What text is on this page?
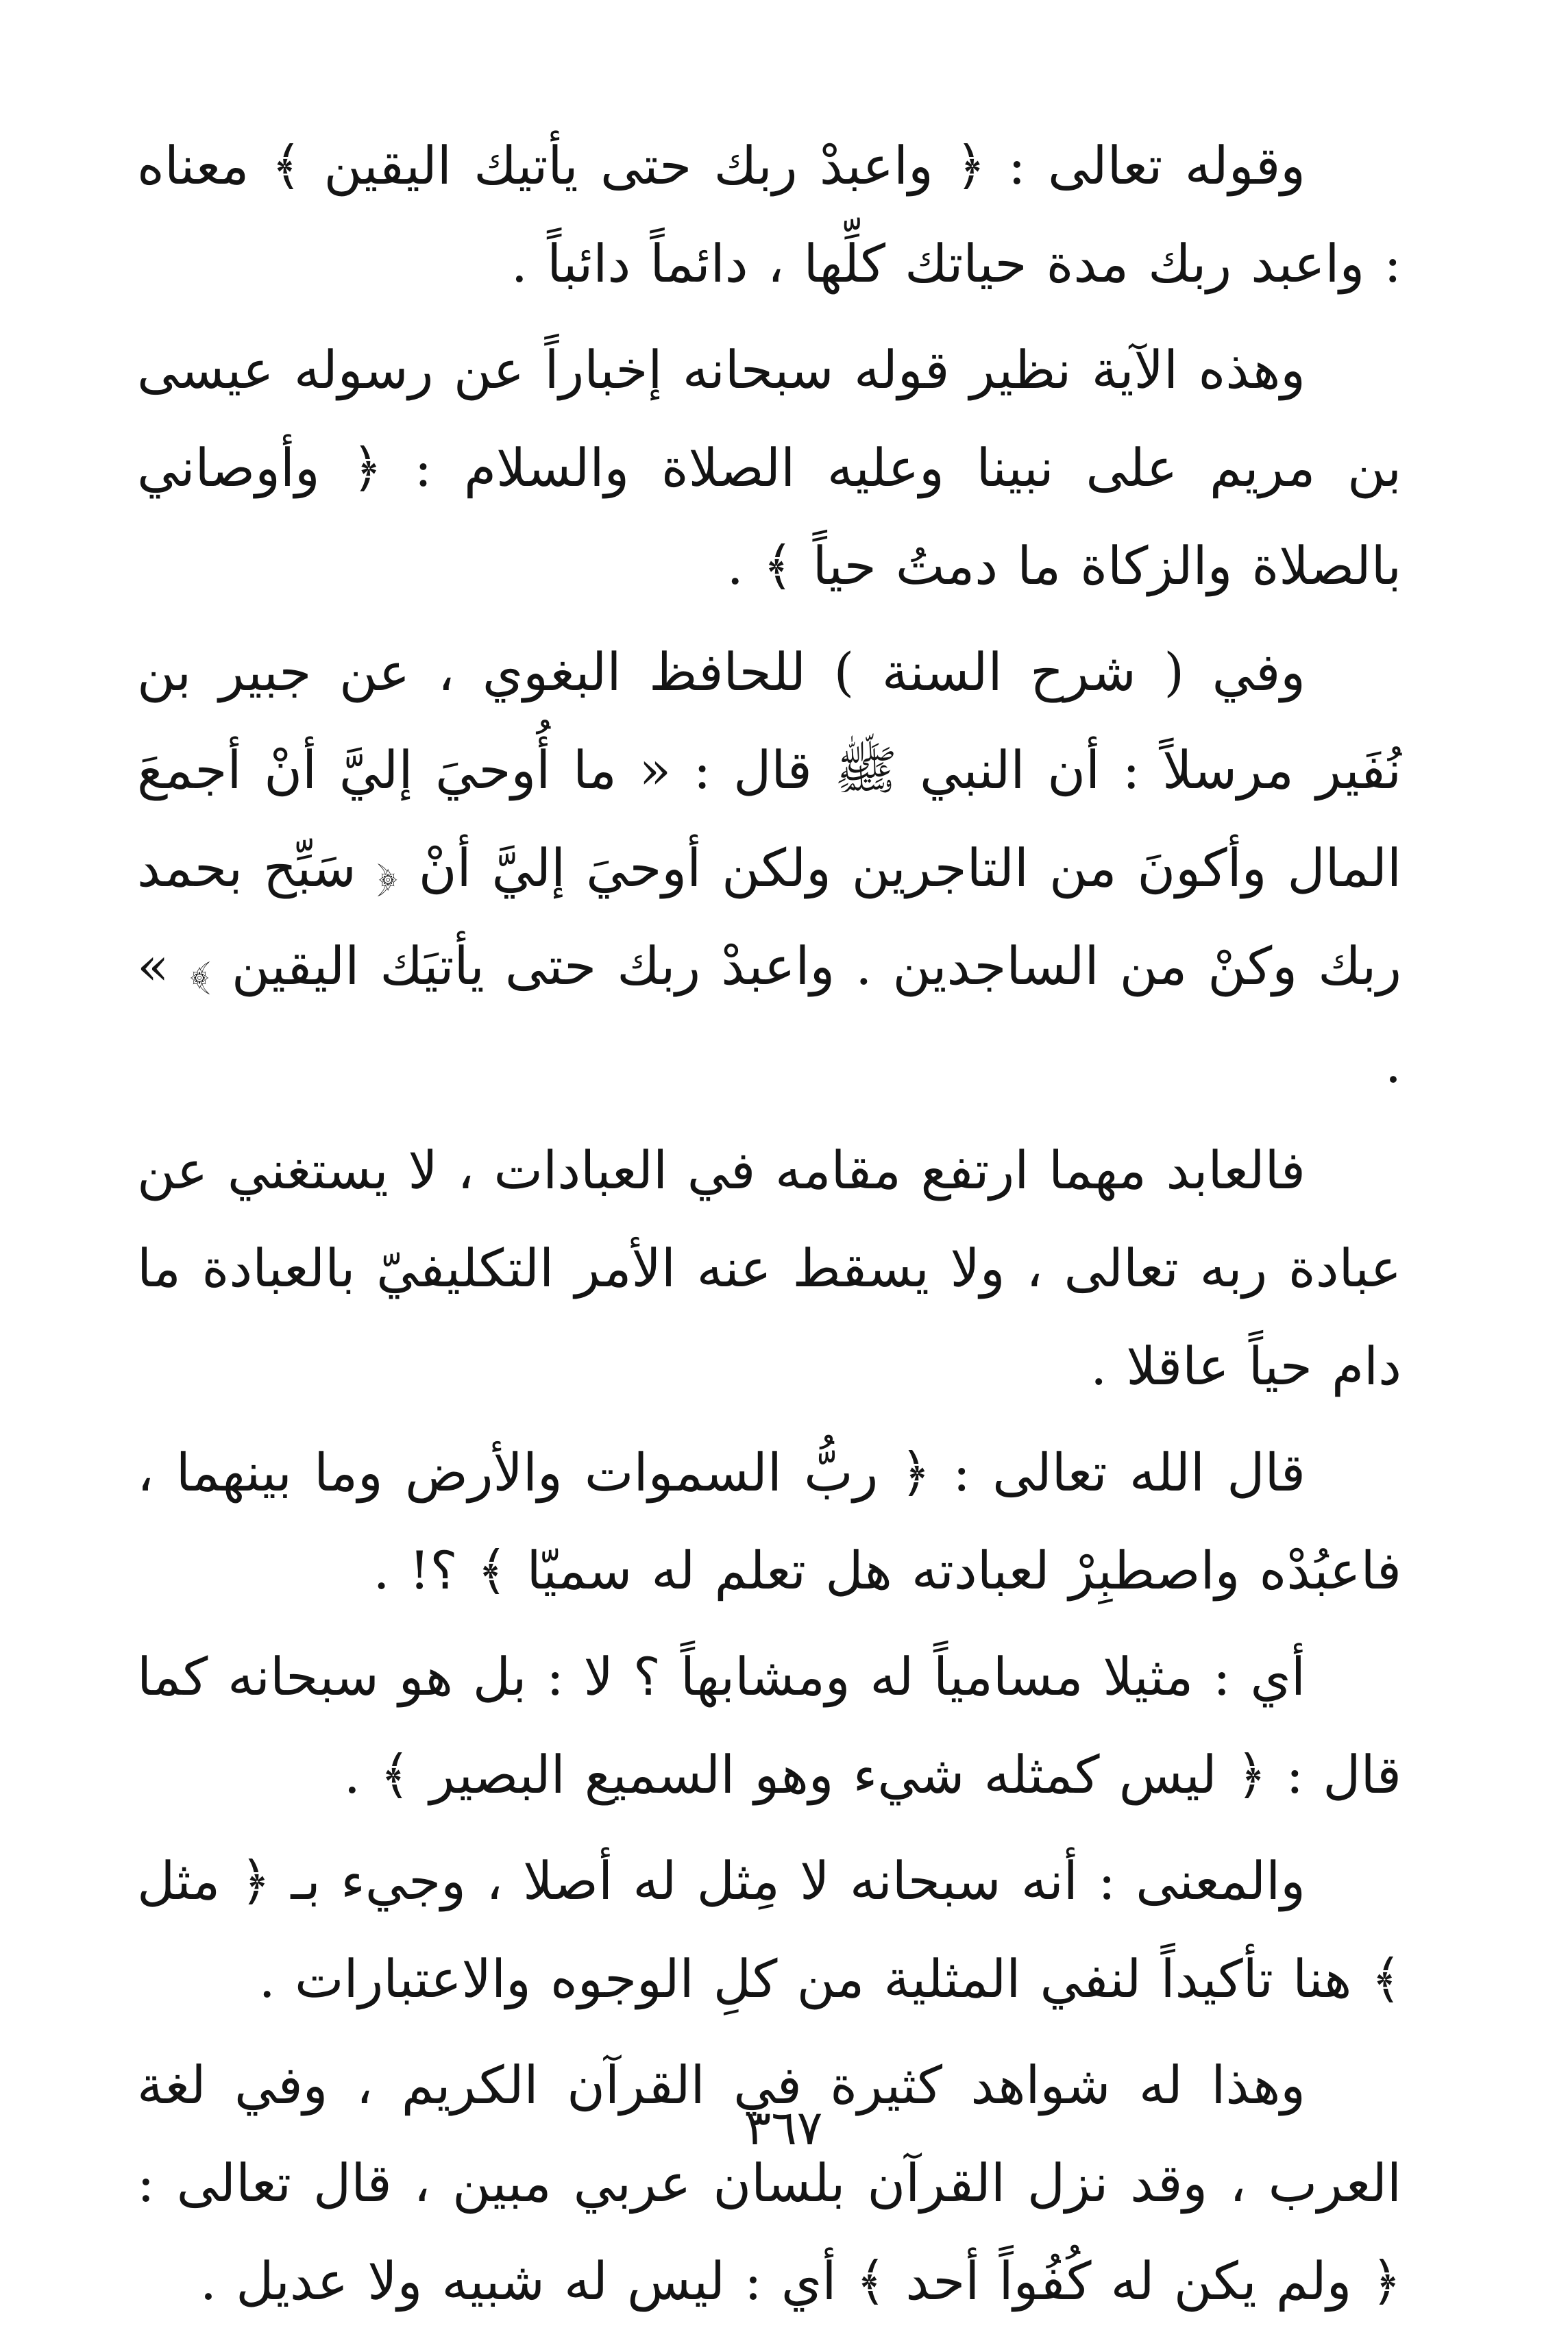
وقوله تعالى : ﴿ واعبدْ ربك حتى يأتيك اليقين ﴾ معناه : واعبد ربك مدة حياتك كلِّها ، دائماً دائباً .

وهذه الآية نظير قوله سبحانه إخباراً عن رسوله عيسى بن مريم على نبينا وعليه الصلاة والسلام : ﴿ وأوصاني بالصلاة والزكاة ما دمتُ حياً ﴾ .

وفي ( شرح السنة ) للحافظ البغوي ، عن جبير بن نُفَير مرسلاً : أن النبي ﷺ قال : « ما أُوحيَ إليَّ أنْ أجمعَ المال وأكونَ من التاجرين ولكن أوحيَ إليَّ أنْ ﴿ سَبِّح بحمد ربك وكنْ من الساجدين . واعبدْ ربك حتى يأتيَك اليقين ﴾ » .

فالعابد مهما ارتفع مقامه في العبادات ، لا يستغني عن عبادة ربه تعالى ، ولا يسقط عنه الأمر التكليفيّ بالعبادة ما دام حياً عاقلا .

قال الله تعالى : ﴿ ربُّ السموات والأرض وما بينهما ، فاعبُدْه واصطبِرْ لعبادته هل تعلم له سميّا ﴾ ؟! .

أي : مثيلا مسامياً له ومشابهاً ؟ لا : بل هو سبحانه كما قال : ﴿ ليس كمثله شيء وهو السميع البصير ﴾ .

والمعنى : أنه سبحانه لا مِثل له أصلا ، وجيء بـ ﴿ مثل ﴾ هنا تأكيداً لنفي المثلية من كلِ الوجوه والاعتبارات .

وهذا له شواهد كثيرة في القرآن الكريم ، وفي لغة العرب ، وقد نزل القرآن بلسان عربي مبين ، قال تعالى : ﴿ ولم يكن له كُفُواً أحد ﴾ أي : ليس له شبيه ولا عديل .

٣٦٧
